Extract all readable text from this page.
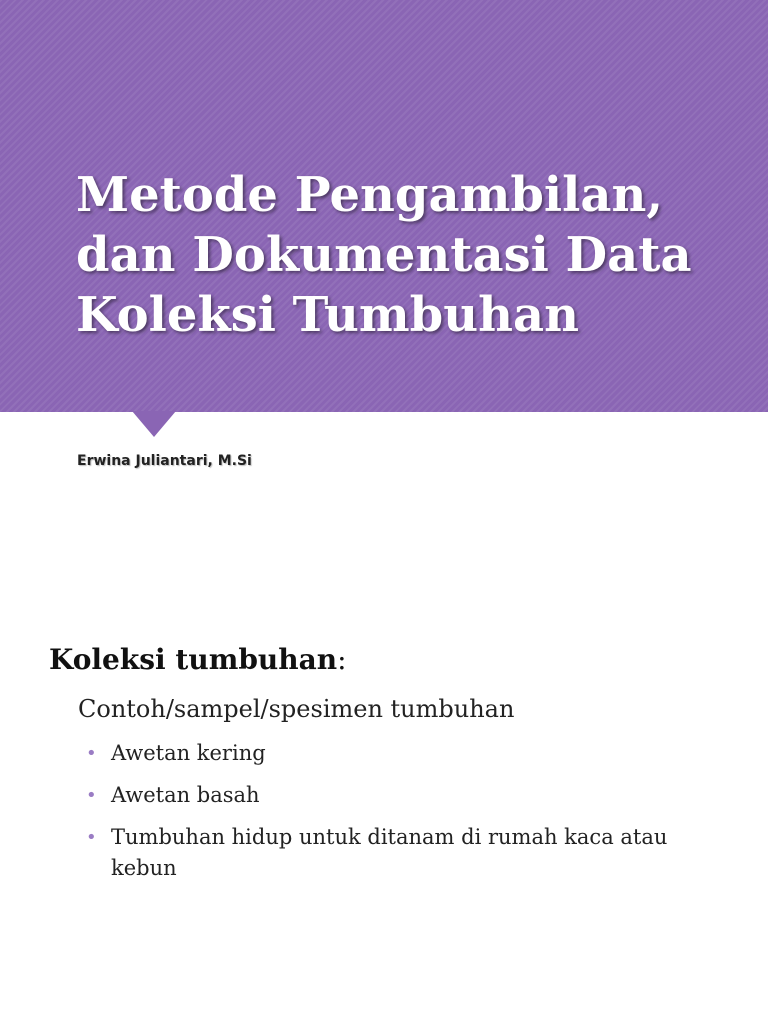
Metode Pengambilan, dan Dokumentasi Data Koleksi Tumbuhan

Erwina Juliantari, M.Si

Koleksi tumbuhan:

Contoh/sampel/spesimen tumbuhan

• Awetan kering
• Awetan basah
• Tumbuhan hidup untuk ditanam di rumah kaca atau kebun
